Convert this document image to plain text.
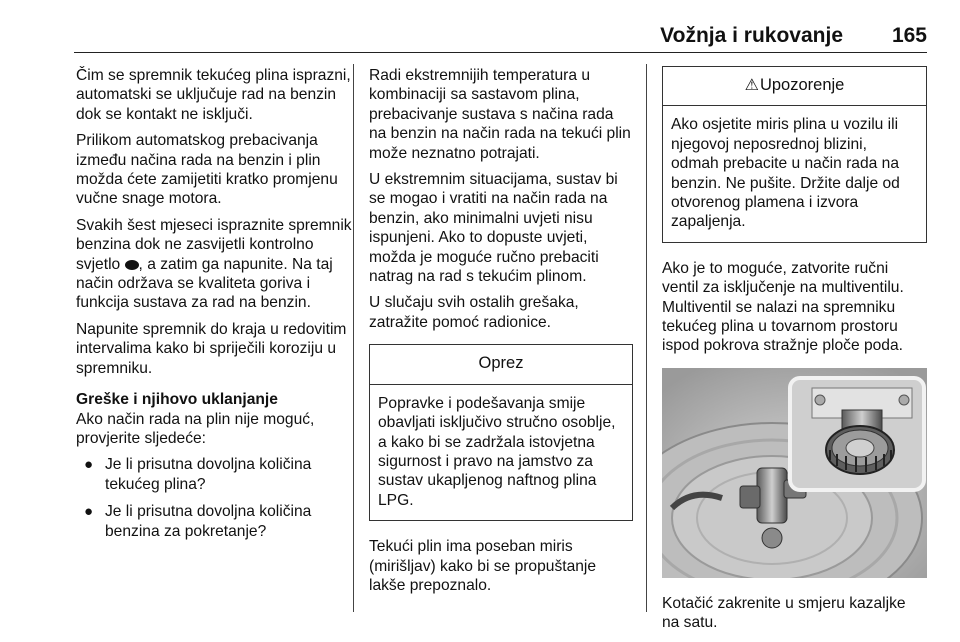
Vožnja i rukovanje 165

Čim se spremnik tekućeg plina isprazni, automatski se uključuje rad na benzin dok se kontakt ne isključi.

Prilikom automatskog prebacivanja između načina rada na benzin i plin možda ćete zamijetiti kratko promjenu vučne snage motora.

Svakih šest mjeseci ispraznite spremnik benzina dok ne zasvijetli kontrolno svjetlo , a zatim ga napunite. Na taj način održava se kvaliteta goriva i funkcija sustava za rad na benzin.

Napunite spremnik do kraja u redovitim intervalima kako bi spriječili koroziju u spremniku.

Greške i njihovo uklanjanje

Ako način rada na plin nije moguć, provjerite sljedeće:

● Je li prisutna dovoljna količina tekućeg plina?
● Je li prisutna dovoljna količina benzina za pokretanje?

Radi ekstremnijih temperatura u kombinaciji sa sastavom plina, prebacivanje sustava s načina rada na benzin na način rada na tekući plin može neznatno potrajati.

U ekstremnim situacijama, sustav bi se mogao i vratiti na način rada na benzin, ako minimalni uvjeti nisu ispunjeni. Ako to dopuste uvjeti, možda je moguće ručno prebaciti natrag na rad s tekućim plinom.

U slučaju svih ostalih grešaka, zatražite pomoć radionice.

Oprez
Popravke i podešavanja smije obavljati isključivo stručno osoblje, a kako bi se zadržala istovjetna sigurnost i pravo na jamstvo za sustav ukapljenog naftnog plina LPG.

Tekući plin ima poseban miris (mirišljav) kako bi se propuštanje lakše prepoznalo.

⚠Upozorenje
Ako osjetite miris plina u vozilu ili njegovoj neposrednoj blizini, odmah prebacite u način rada na benzin. Ne pušite. Držite dalje od otvorenog plamena i izvora zapaljenja.

Ako je to moguće, zatvorite ručni ventil za isključenje na multiventilu. Multiventil se nalazi na spremniku tekućeg plina u tovarnom prostoru ispod pokrova stražnje ploče poda.

Kotačić zakrenite u smjeru kazaljke na satu.
